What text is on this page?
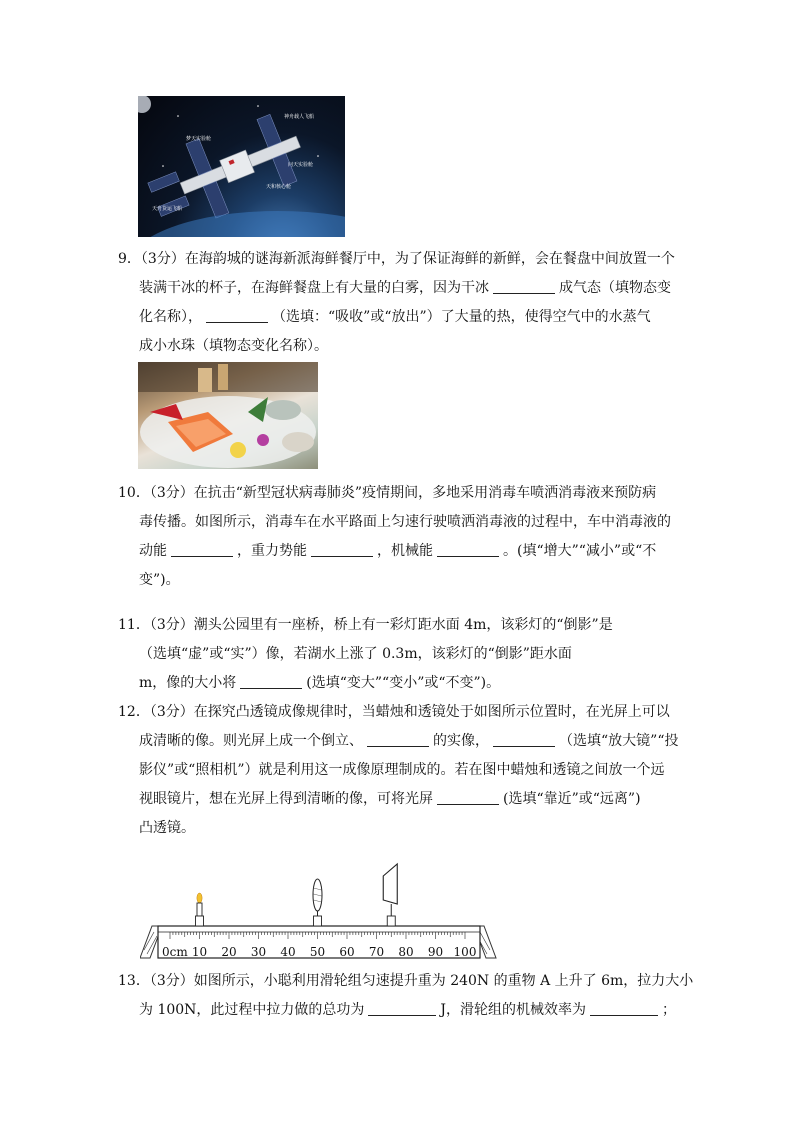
神舟载人飞船
梦天实验舱
问天实验舱
天和核心舱
天舟货运飞船
9．（3分）在海韵城的谜海新派海鲜餐厅中，为了保证海鲜的新鲜，会在餐盘中间放置一个
装满干冰的杯子，在海鲜餐盘上有大量的白雾，因为干冰	成气态（填物态变
化名称），	（选填：“吸收”或“放出”）了大量的热，使得空气中的水蒸气
成小水珠（填物态变化名称）。
10．（3分）在抗击“新型冠状病毒肺炎”疫情期间，多地采用消毒车喷洒消毒液来预防病
毒传播。如图所示，消毒车在水平路面上匀速行驶喷洒消毒液的过程中，车中消毒液的
动能	，重力势能	，机械能	。(填“增大”“减小”或“不
变”)。
11．（3分）潮头公园里有一座桥，桥上有一彩灯距水面 4m，该彩灯的“倒影”是
（选填“虚”或“实”）像，若湖水上涨了 0.3m，该彩灯的“倒影”距水面
m，像的大小将	(选填“变大”“变小”或“不变”)。
12．（3分）在探究凸透镜成像规律时，当蜡烛和透镜处于如图所示位置时，在光屏上可以
成清晰的像。则光屏上成一个倒立、	的实像，	（选填“放大镜”“投
影仪”或“照相机”）就是利用这一成像原理制成的。若在图中蜡烛和透镜之间放一个远
视眼镜片，想在光屏上得到清晰的像，可将光屏	(选填“靠近”或“远离”)
凸透镜。
10 20 30 40 50 60 70 80 90 100
0cm
13．（3分）如图所示，小聪利用滑轮组匀速提升重为 240N 的重物 A 上升了 6m，拉力大小
为 100N，此过程中拉力做的总功为	J，滑轮组的机械效率为	；
